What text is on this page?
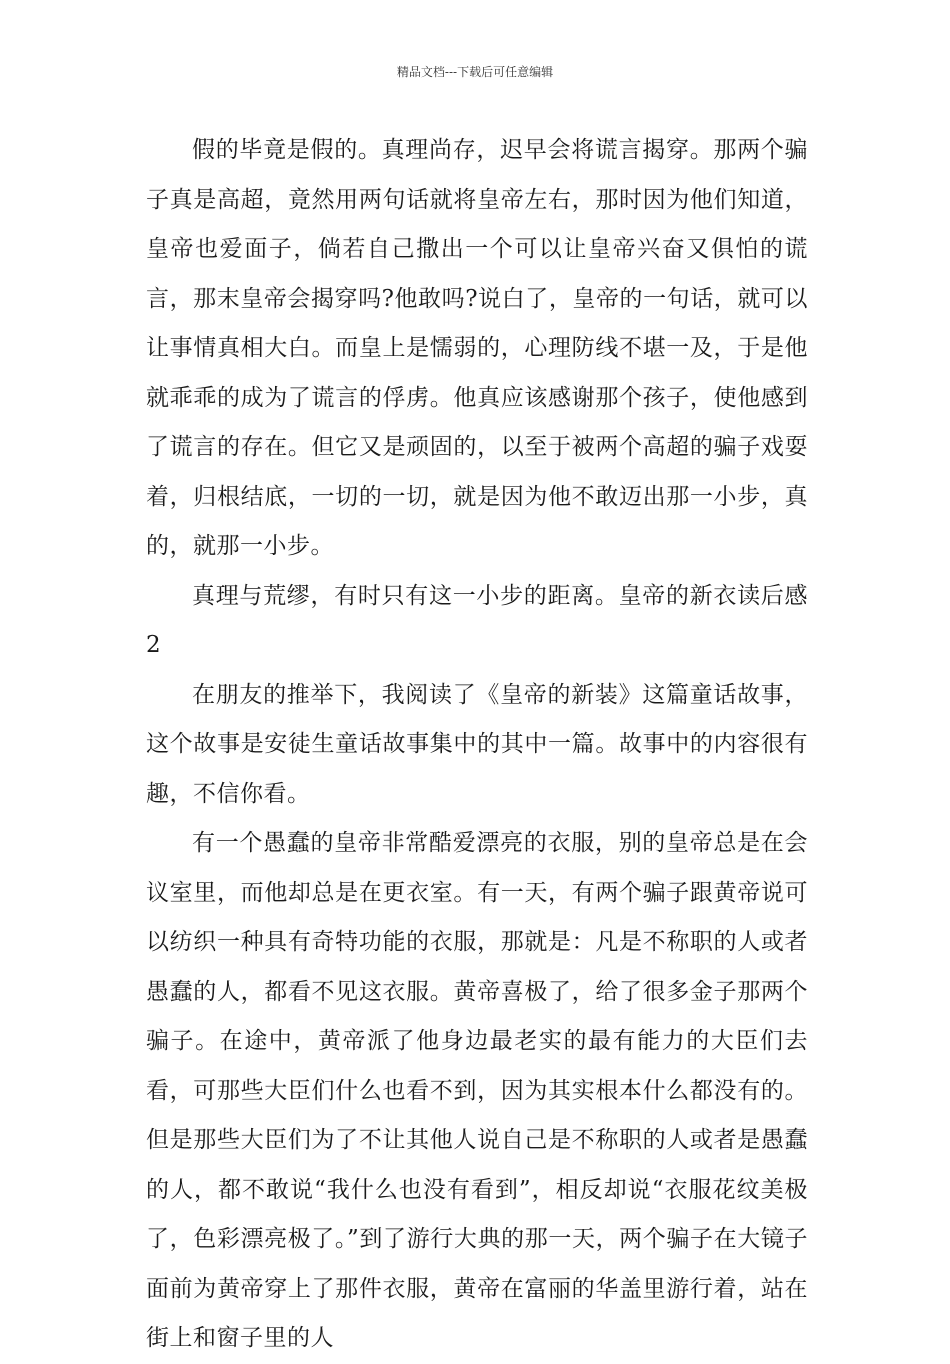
精品文档---下载后可任意编辑

假的毕竟是假的。真理尚存，迟早会将谎言揭穿。那两个骗子真是高超，竟然用两句话就将皇帝左右，那时因为他们知道，皇帝也爱面子，倘若自己撒出一个可以让皇帝兴奋又俱怕的谎言，那末皇帝会揭穿吗?他敢吗?说白了，皇帝的一句话，就可以让事情真相大白。而皇上是懦弱的，心理防线不堪一及，于是他就乖乖的成为了谎言的俘虏。他真应该感谢那个孩子，使他感到了谎言的存在。但它又是顽固的，以至于被两个高超的骗子戏耍着，归根结底，一切的一切，就是因为他不敢迈出那一小步，真的，就那一小步。

真理与荒缪，有时只有这一小步的距离。皇帝的新衣读后感2

在朋友的推举下，我阅读了《皇帝的新装》这篇童话故事，这个故事是安徒生童话故事集中的其中一篇。故事中的内容很有趣，不信你看。

有一个愚蠢的皇帝非常酷爱漂亮的衣服，别的皇帝总是在会议室里，而他却总是在更衣室。有一天，有两个骗子跟黄帝说可以纺织一种具有奇特功能的衣服，那就是：凡是不称职的人或者愚蠢的人，都看不见这衣服。黄帝喜极了，给了很多金子那两个骗子。在途中，黄帝派了他身边最老实的最有能力的大臣们去看，可那些大臣们什么也看不到，因为其实根本什么都没有的。但是那些大臣们为了不让其他人说自己是不称职的人或者是愚蠢的人，都不敢说“我什么也没有看到”，相反却说“衣服花纹美极了，色彩漂亮极了。”到了游行大典的那一天，两个骗子在大镜子面前为黄帝穿上了那件衣服，黄帝在富丽的华盖里游行着，站在街上和窗子里的人
